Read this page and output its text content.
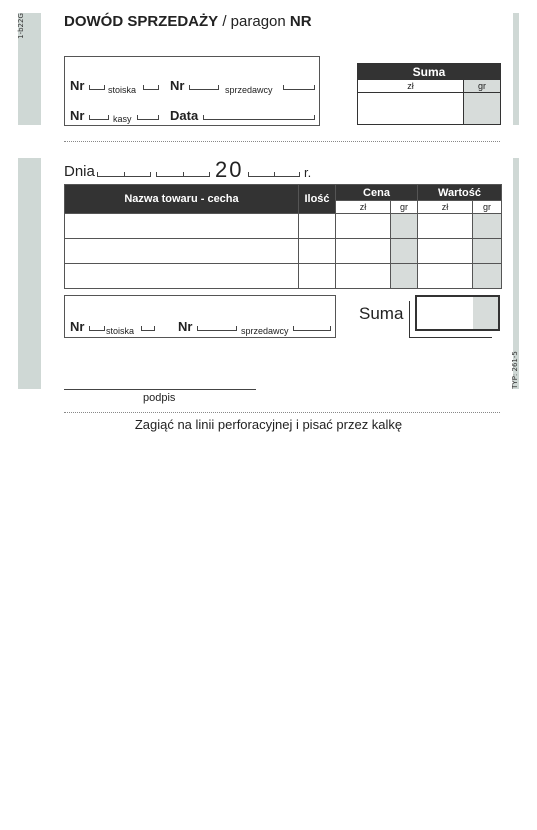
1-b22G
TYP: 261-5
DOWÓD SPRZEDAŻY / paragon NR
Nr	stoiska	Nr	sprzedawcy
Nr	kasy	Data
Suma
zł	gr
Dnia	20	r.
Nazwa towaru - cecha	Ilość	Cena		Wartość	
		zł	gr	zł	gr

Nr stoiska	Nr	sprzedawcy
Suma
podpis
Zagiąć na linii perforacyjnej i pisać przez kalkę
